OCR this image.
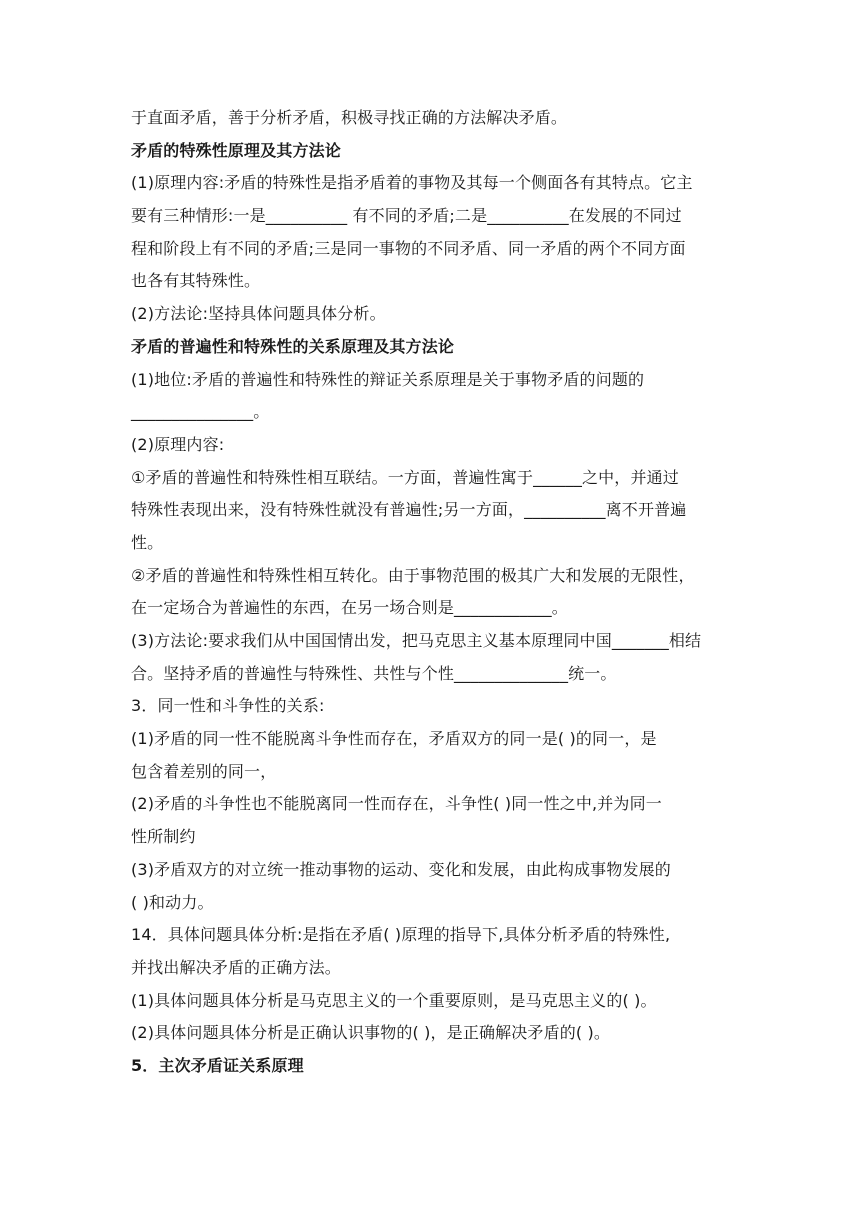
于直面矛盾，善于分析矛盾，积极寻找正确的方法解决矛盾。
矛盾的特殊性原理及其方法论
(1)原理内容:矛盾的特殊性是指矛盾着的事物及其每一个侧面各有其特点。它主
要有三种情形:一是__________ 有不同的矛盾;二是__________在发展的不同过
程和阶段上有不同的矛盾;三是同一事物的不同矛盾、同一矛盾的两个不同方面
也各有其特殊性。
(2)方法论:坚持具体问题具体分析。
矛盾的普遍性和特殊性的关系原理及其方法论
(1)地位:矛盾的普遍性和特殊性的辩证关系原理是关于事物矛盾的问题的
_______________。
(2)原理内容:
①矛盾的普遍性和特殊性相互联结。一方面，普遍性寓于______之中，并通过
特殊性表现出来，没有特殊性就没有普遍性;另一方面，__________离不开普遍
性。
②矛盾的普遍性和特殊性相互转化。由于事物范围的极其广大和发展的无限性，
在一定场合为普遍性的东西，在另一场合则是____________。
(3)方法论:要求我们从中国国情出发，把马克思主义基本原理同中国_______相结
合。坚持矛盾的普遍性与特殊性、共性与个性______________统一。
3．同一性和斗争性的关系:
(1)矛盾的同一性不能脱离斗争性而存在，矛盾双方的同一是( )的同一，是
包含着差别的同一，
(2)矛盾的斗争性也不能脱离同一性而存在，斗争性( )同一性之中,并为同一
性所制约
(3)矛盾双方的对立统一推动事物的运动、变化和发展，由此构成事物发展的
( )和动力。
14．具体问题具体分析:是指在矛盾( )原理的指导下,具体分析矛盾的特殊性,
并找出解决矛盾的正确方法。
(1)具体问题具体分析是马克思主义的一个重要原则，是马克思主义的( )。
(2)具体问题具体分析是正确认识事物的( )，是正确解决矛盾的( )。
5．主次矛盾证关系原理
